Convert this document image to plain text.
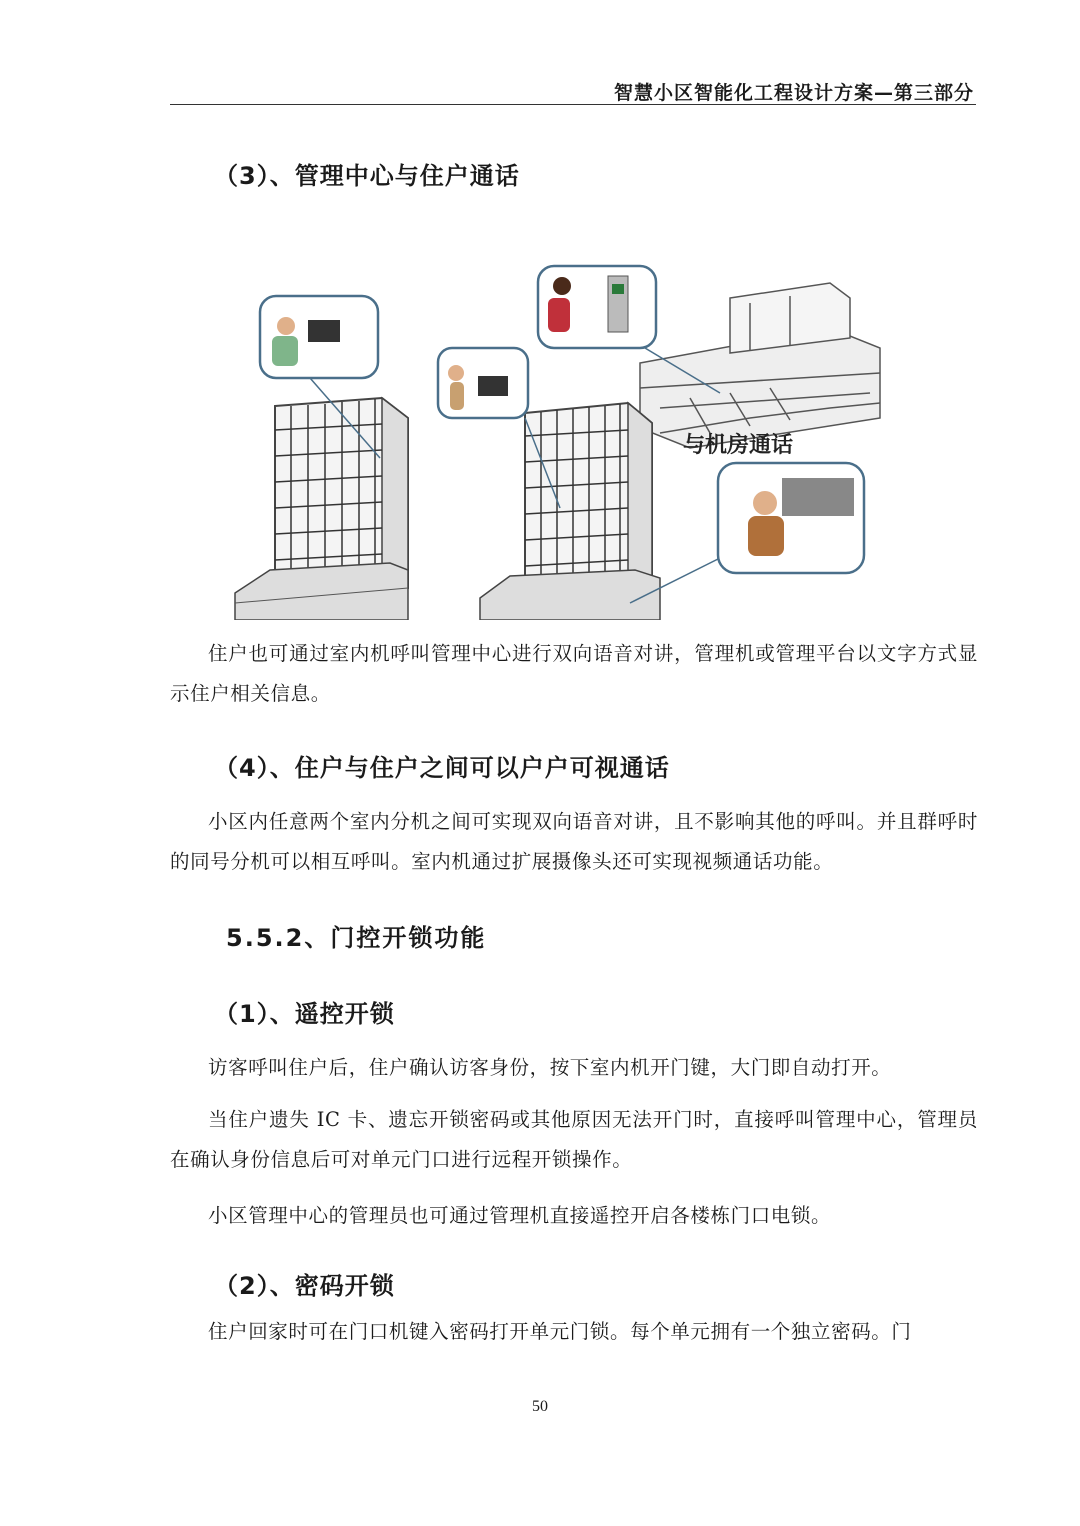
智慧小区智能化工程设计方案—第三部分
（3）、管理中心与住户通话
与机房通话
住户也可通过室内机呼叫管理中心进行双向语音对讲，管理机或管理平台以文字方式显示住户相关信息。
（4）、住户与住户之间可以户户可视通话
小区内任意两个室内分机之间可实现双向语音对讲，且不影响其他的呼叫。并且群呼时的同号分机可以相互呼叫。室内机通过扩展摄像头还可实现视频通话功能。
5.5.2、门控开锁功能
（1）、遥控开锁
访客呼叫住户后，住户确认访客身份，按下室内机开门键，大门即自动打开。
当住户遗失 IC 卡、遗忘开锁密码或其他原因无法开门时，直接呼叫管理中心，管理员在确认身份信息后可对单元门口进行远程开锁操作。
小区管理中心的管理员也可通过管理机直接遥控开启各楼栋门口电锁。
（2）、密码开锁
住户回家时可在门口机键入密码打开单元门锁。每个单元拥有一个独立密码。门
50
